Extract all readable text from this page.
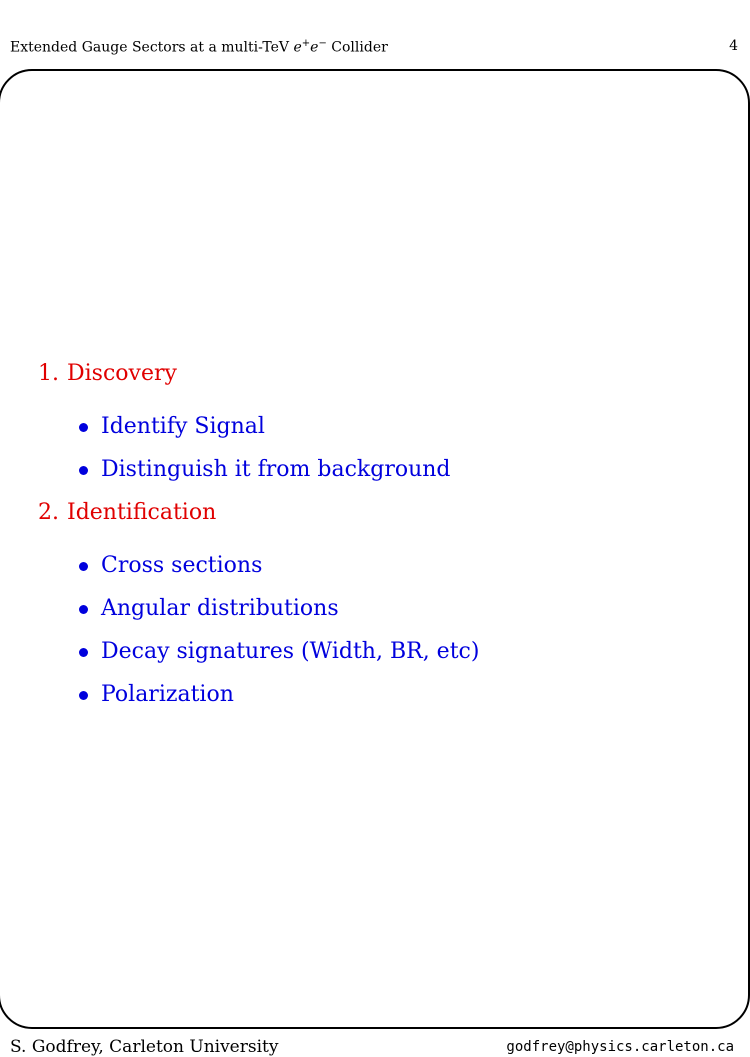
Extended Gauge Sectors at a multi-TeV e+e− Collider	4
1. Discovery
Identify Signal
Distinguish it from background
2. Identification
Cross sections
Angular distributions
Decay signatures (Width, BR, etc)
Polarization
S. Godfrey, Carleton University	godfrey@physics.carleton.ca
